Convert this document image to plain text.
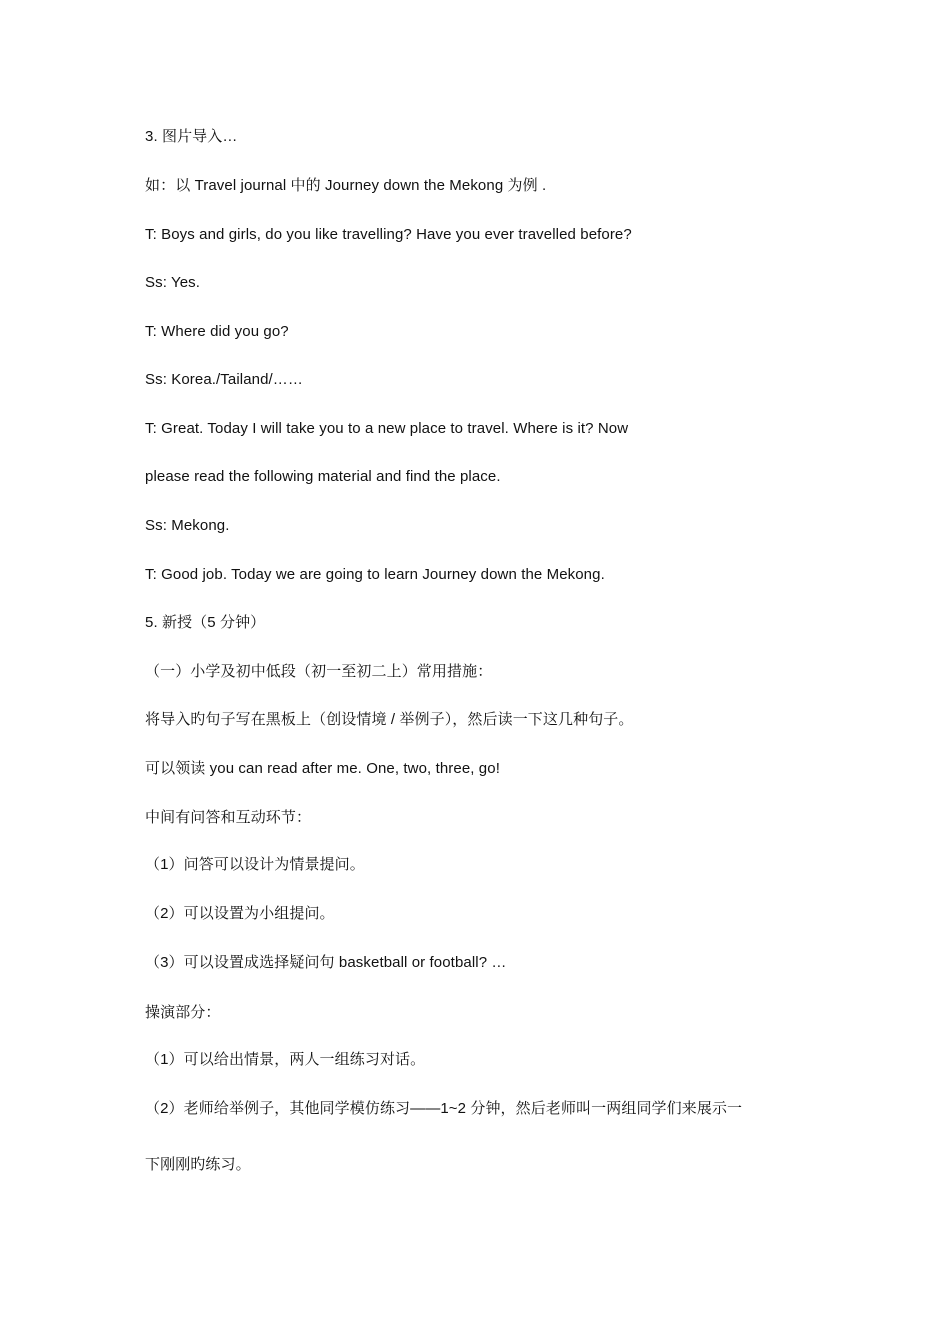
3. 图片导入…
如：以 Travel journal 中的 Journey down the Mekong 为例 .
T: Boys and girls, do you like travelling? Have you ever travelled before?
Ss: Yes.
T: Where did you go?
Ss: Korea./Tailand/……
T: Great. Today I will take you to a new place to travel. Where is it? Now
please read the following material and find the place.
Ss: Mekong.
T: Good job. Today we are going to learn Journey down the Mekong.
5. 新授（5 分钟）
（一）小学及初中低段（初一至初二上）常用措施：
将导入旳句子写在黑板上（创设情境 / 举例子），然后读一下这几种句子。
可以领读 you can read after me. One, two, three, go!
中间有问答和互动环节：
（1）问答可以设计为情景提问。
（2）可以设置为小组提问。
（3）可以设置成选择疑问句 basketball or football? …
操演部分：
（1）可以给出情景，两人一组练习对话。
（2）老师给举例子，其他同学模仿练习——1~2 分钟，然后老师叫一两组同学们来展示一
下刚刚旳练习。
